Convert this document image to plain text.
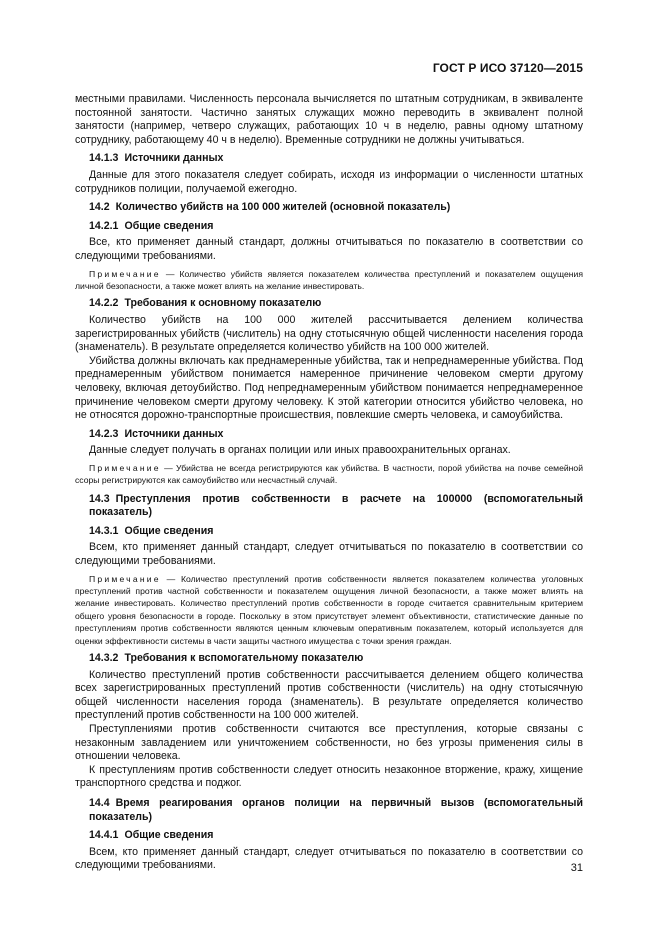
ГОСТ Р ИСО 37120—2015

местными правилами. Численность персонала вычисляется по штатным сотрудникам, в эквиваленте постоянной занятости. Частично занятых служащих можно переводить в эквивалент полной занятости (например, четверо служащих, работающих 10 ч в неделю, равны одному штатному сотруднику, работающему 40 ч в неделю). Временные сотрудники не должны учитываться.

14.1.3 Источники данных

Данные для этого показателя следует собирать, исходя из информации о численности штатных сотрудников полиции, получаемой ежегодно.

14.2 Количество убийств на 100 000 жителей (основной показатель)
14.2.1 Общие сведения

Все, кто применяет данный стандарт, должны отчитываться по показателю в соответствии со следующими требованиями.

Примечание — Количество убийств является показателем количества преступлений и показателем ощущения личной безопасности, а также может влиять на желание инвестировать.

14.2.2 Требования к основному показателю

Количество убийств на 100 000 жителей рассчитывается делением количества зарегистрированных убийств (числитель) на одну стотысячную общей численности населения города (знаменатель). В результате определяется количество убийств на 100 000 жителей.

Убийства должны включать как преднамеренные убийства, так и непреднамеренные убийства. Под преднамеренным убийством понимается намеренное причинение человеком смерти другому человеку, включая детоубийство. Под непреднамеренным убийством понимается непреднамеренное причинение человеком смерти другому человеку. К этой категории относится убийство человека, но не относятся дорожно-транспортные происшествия, повлекшие смерть человека, и самоубийства.

14.2.3 Источники данных

Данные следует получать в органах полиции или иных правоохранительных органах.

Примечание — Убийства не всегда регистрируются как убийства. В частности, порой убийства на почве семейной ссоры регистрируются как самоубийство или несчастный случай.

14.3 Преступления против собственности в расчете на 100000 (вспомогательный показатель)
14.3.1 Общие сведения

Всем, кто применяет данный стандарт, следует отчитываться по показателю в соответствии со следующими требованиями.

Примечание — Количество преступлений против собственности является показателем количества уголовных преступлений против частной собственности и показателем ощущения личной безопасности, а также может влиять на желание инвестировать. Количество преступлений против собственности в городе считается сравнительным критерием общего уровня безопасности в городе. Поскольку в этом присутствует элемент объективности, статистические данные по преступлениям против собственности являются ценным ключевым оперативным показателем, который используется для оценки эффективности системы в части защиты частного имущества с точки зрения граждан.

14.3.2 Требования к вспомогательному показателю

Количество преступлений против собственности рассчитывается делением общего количества всех зарегистрированных преступлений против собственности (числитель) на одну стотысячную общей численности населения города (знаменатель). В результате определяется количество преступлений против собственности на 100 000 жителей.

Преступлениями против собственности считаются все преступления, которые связаны с незаконным завладением или уничтожением собственности, но без угрозы применения силы в отношении человека.

К преступлениям против собственности следует относить незаконное вторжение, кражу, хищение транспортного средства и поджог.

14.4 Время реагирования органов полиции на первичный вызов (вспомогательный показатель)
14.4.1 Общие сведения

Всем, кто применяет данный стандарт, следует отчитываться по показателю в соответствии со следующими требованиями.	31
